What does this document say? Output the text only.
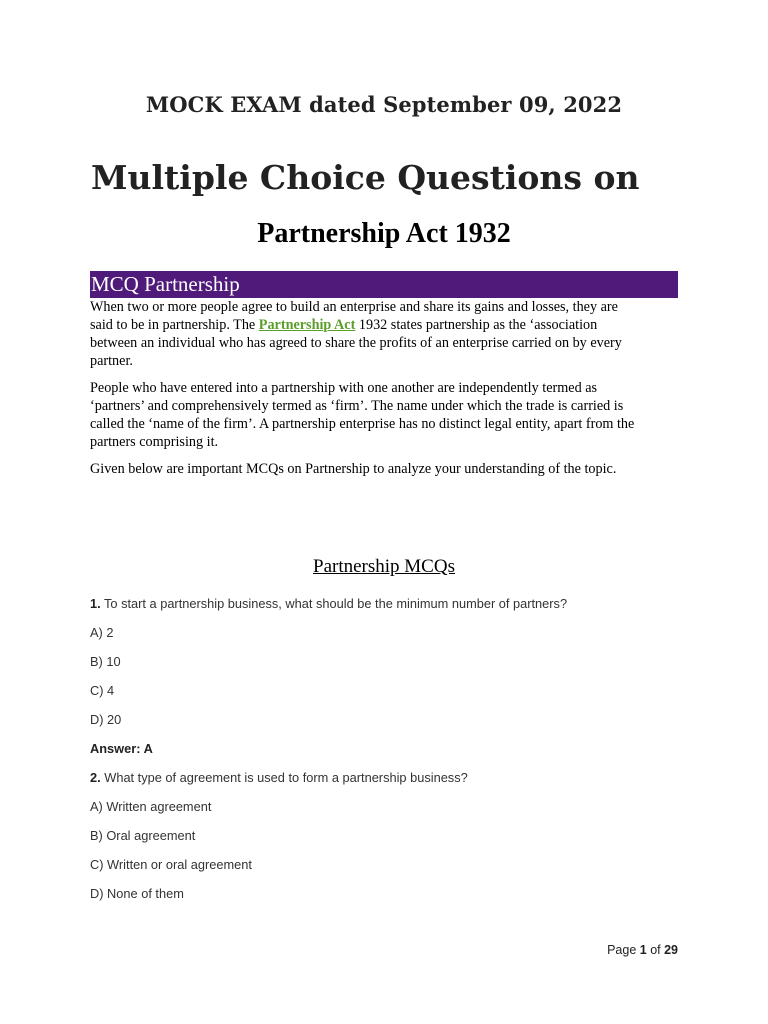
MOCK EXAM dated September 09, 2022
Multiple Choice Questions on
Partnership Act 1932
MCQ Partnership
When two or more people agree to build an enterprise and share its gains and losses, they are
said to be in partnership. The Partnership Act 1932 states partnership as the ‘association
between an individual who has agreed to share the profits of an enterprise carried on by every
partner.
People who have entered into a partnership with one another are independently termed as
‘partners’ and comprehensively termed as ‘firm’. The name under which the trade is carried is
called the ‘name of the firm’. A partnership enterprise has no distinct legal entity, apart from the
partners comprising it.
Given below are important MCQs on Partnership to analyze your understanding of the topic.
Partnership MCQs
1. To start a partnership business, what should be the minimum number of partners?
A) 2
B) 10
C) 4
D) 20
Answer: A
2. What type of agreement is used to form a partnership business?
A) Written agreement
B) Oral agreement
C) Written or oral agreement
D) None of them
Page 1 of 29
